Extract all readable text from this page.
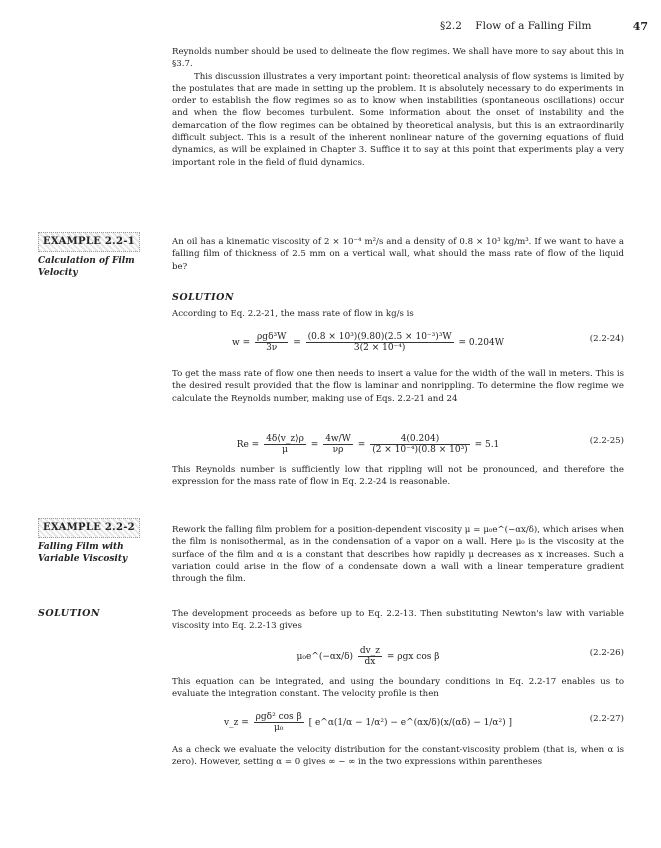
§2.2 Flow of a Falling Film	47

Reynolds number should be used to delineate the flow regimes. We shall have more to say about this in §3.7.

This discussion illustrates a very important point: theoretical analysis of flow systems is limited by the postulates that are made in setting up the problem. It is absolutely necessary to do experiments in order to establish the flow regimes so as to know when instabilities (spontaneous oscillations) occur and when the flow becomes turbulent. Some information about the onset of instability and the demarcation of the flow regimes can be obtained by theoretical analysis, but this is an extraordinarily difficult subject. This is a result of the inherent nonlinear nature of the governing equations of fluid dynamics, as will be explained in Chapter 3. Suffice it to say at this point that experiments play a very important role in the field of fluid dynamics.

EXAMPLE 2.2-1
Calculation of Film Velocity

An oil has a kinematic viscosity of 2 × 10⁻⁴ m²/s and a density of 0.8 × 10³ kg/m³. If we want to have a falling film of thickness of 2.5 mm on a vertical wall, what should the mass rate of flow of the liquid be?

SOLUTION

According to Eq. 2.2-21, the mass rate of flow in kg/s is

$w = \frac{\text{ρgδ³W}}{3\nu} = \frac{\text{(0.8 × 10³)(9.80)(2.5 × 10⁻³)³W}}{\text{3(2 × 10⁻⁴)}} = 0.204W$	(2.2-24)

To get the mass rate of flow one then needs to insert a value for the width of the wall in meters. This is the desired result provided that the flow is laminar and nonrippling. To determine the flow regime we calculate the Reynolds number, making use of Eqs. 2.2-21 and 24

$Re = \frac{4\delta⟨v\_z⟩\rho}{\mu} = \frac{4w/W}{\nu\rho} = \frac{4(0.204)}{\text{(2 × 10⁻⁴)(0.8 × 10³)}} = 5.1$	(2.2-25)

This Reynolds number is sufficiently low that rippling will not be pronounced, and therefore the expression for the mass rate of flow in Eq. 2.2-24 is reasonable.

EXAMPLE 2.2-2
Falling Film with Variable Viscosity

Rework the falling film problem for a position-dependent viscosity μ = μ₀e^(−αx/δ), which arises when the film is nonisothermal, as in the condensation of a vapor on a wall. Here μ₀ is the viscosity at the surface of the film and α is a constant that describes how rapidly μ decreases as x increases. Such a variation could arise in the flow of a condensate down a wall with a linear temperature gradient through the film.

SOLUTION	The development proceeds as before up to Eq. 2.2-13. Then substituting Newton's law with variable viscosity into Eq. 2.2-13 gives

μ₀e^(−αx/δ) $\frac{dv\_z}{dx} = \rho gx$ cos β	(2.2-26)

This equation can be integrated, and using the boundary conditions in Eq. 2.2-17 enables us to evaluate the integration constant. The velocity profile is then

v_z = $\frac{\text{ρgδ² cos β}}{\text{μ₀}}$ [ e^α(1/α − 1/α²) − e^(αx/δ)(x/(αδ) − 1/α²) ]	(2.2-27)

As a check we evaluate the velocity distribution for the constant-viscosity problem (that is, when α is zero). However, setting α = 0 gives ∞ − ∞ in the two expressions within parentheses
